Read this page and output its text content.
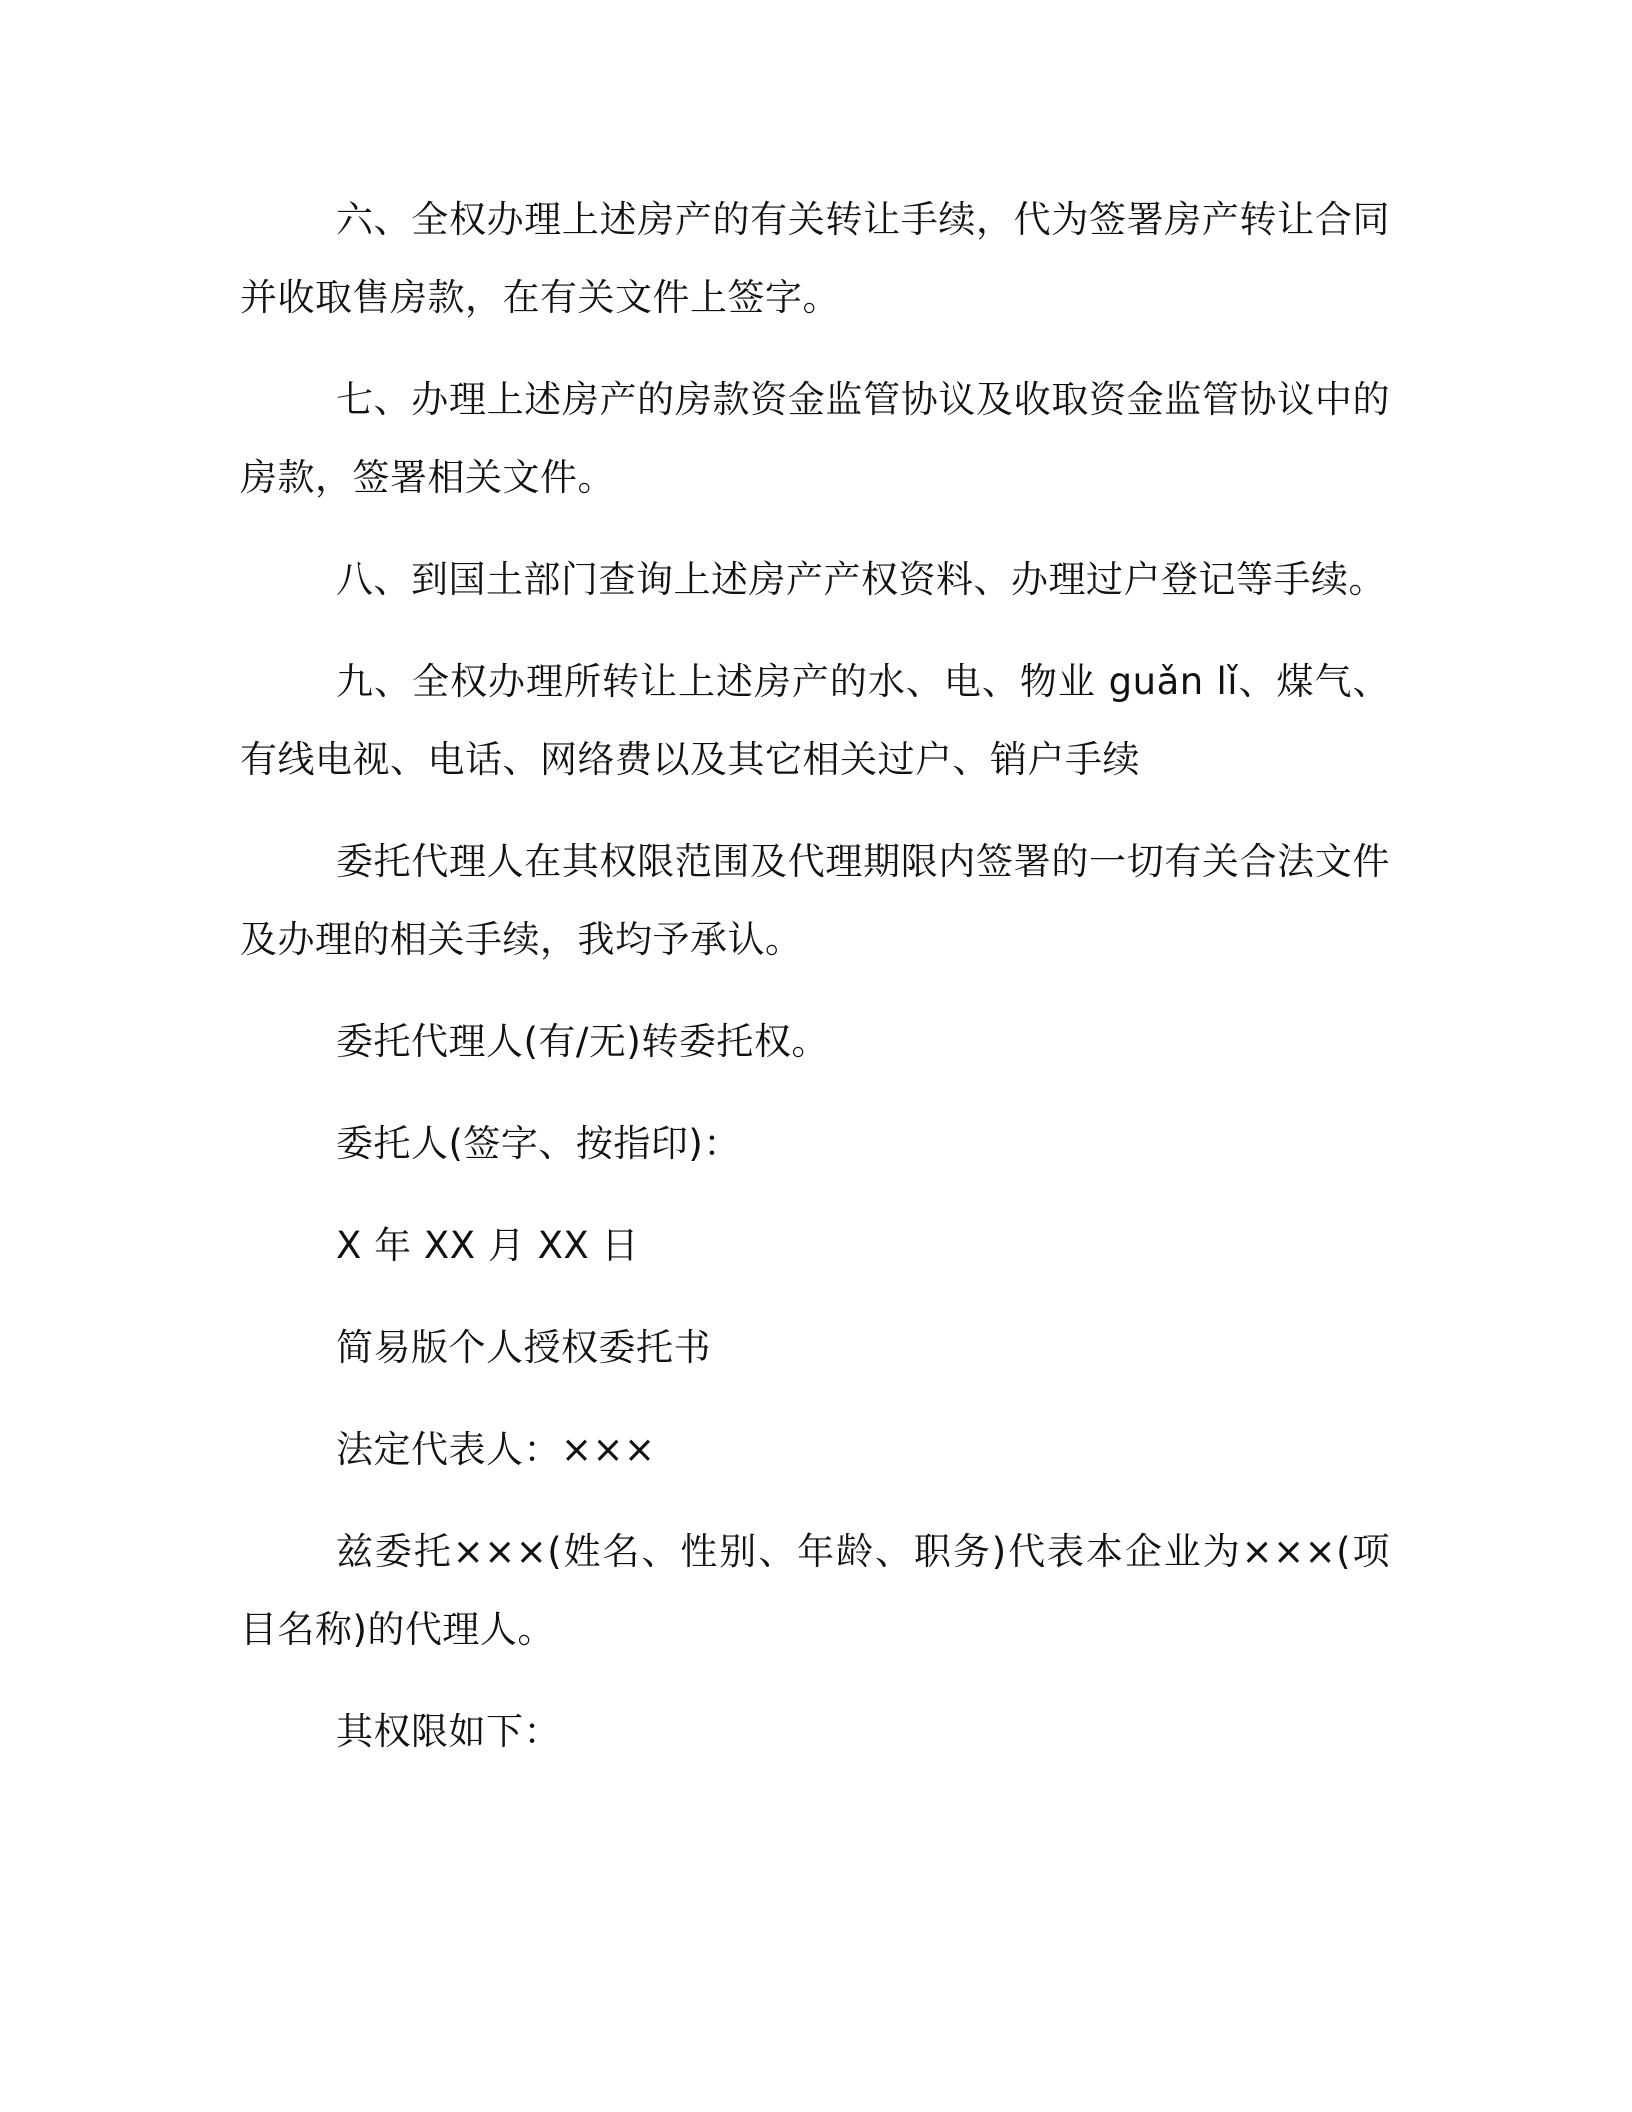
六、全权办理上述房产的有关转让手续，代为签署房产转让合同并收取售房款，在有关文件上签字。

七、办理上述房产的房款资金监管协议及收取资金监管协议中的房款，签署相关文件。

八、到国土部门查询上述房产产权资料、办理过户登记等手续。

九、全权办理所转让上述房产的水、电、物业 guǎn lǐ、煤气、有线电视、电话、网络费以及其它相关过户、销户手续

委托代理人在其权限范围及代理期限内签署的一切有关合法文件及办理的相关手续，我均予承认。

委托代理人(有/无)转委托权。

委托人(签字、按指印)：

X 年 XX 月 XX 日

简易版个人授权委托书

法定代表人：×××

兹委托×××(姓名、性别、年龄、职务)代表本企业为×××(项目名称)的代理人。

其权限如下：
